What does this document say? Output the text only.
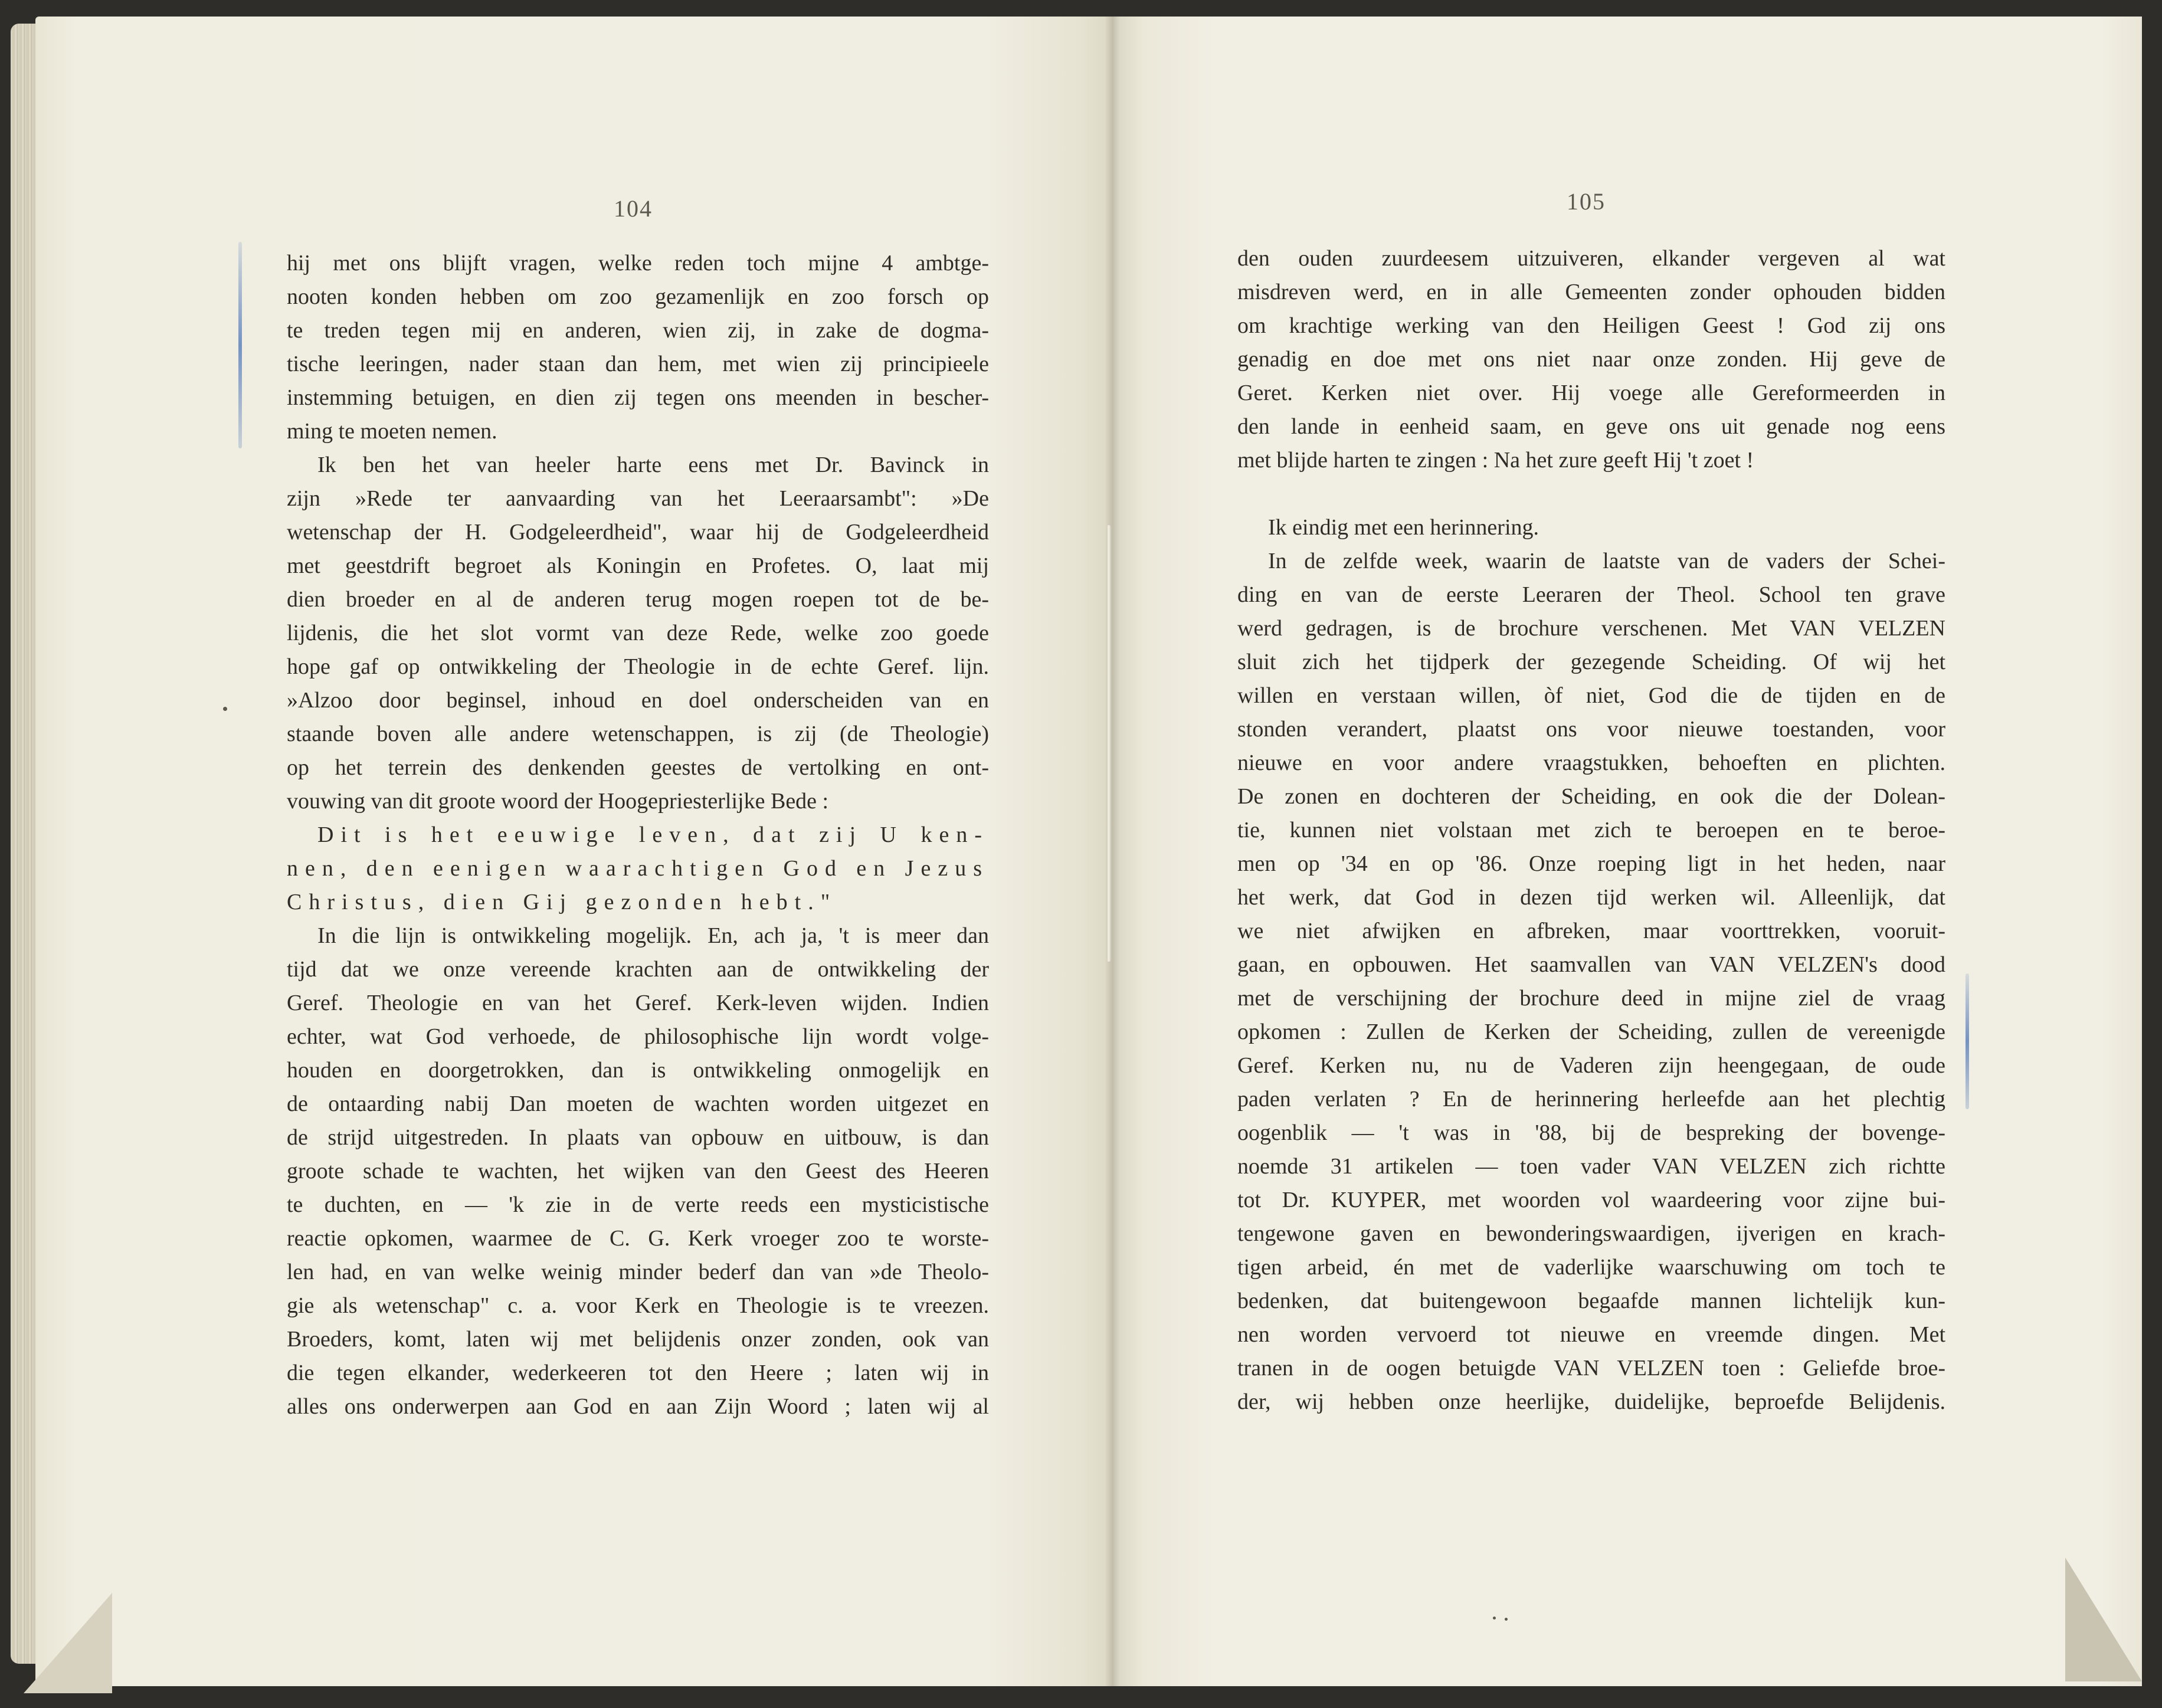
104	105
hij met ons blijft vragen, welke reden toch mijne 4 ambtge-
nooten konden hebben om zoo gezamenlijk en zoo forsch op
te treden tegen mij en anderen, wien zij, in zake de dogma-
tische leeringen, nader staan dan hem, met wien zij principieele
instemming betuigen, en dien zij tegen ons meenden in bescher-
ming te moeten nemen.
Ik ben het van heeler harte eens met Dr. Bavinck in
zijn »Rede ter aanvaarding van het Leeraarsambt": »De
wetenschap der H. Godgeleerdheid", waar hij de Godgeleerdheid
met geestdrift begroet als Koningin en Profetes. O, laat mij
dien broeder en al de anderen terug mogen roepen tot de be-
lijdenis, die het slot vormt van deze Rede, welke zoo goede
hope gaf op ontwikkeling der Theologie in de echte Geref. lijn.
»Alzoo door beginsel, inhoud en doel onderscheiden van en
staande boven alle andere wetenschappen, is zij (de Theologie)
op het terrein des denkenden geestes de vertolking en ont-
vouwing van dit groote woord der Hoogepriesterlijke Bede :
Dit is het eeuwige leven, dat zij U ken-
nen, den eenigen waarachtigen God en Jezus
Christus, dien Gij gezonden hebt."
In die lijn is ontwikkeling mogelijk. En, ach ja, 't is meer dan
tijd dat we onze vereende krachten aan de ontwikkeling der
Geref. Theologie en van het Geref. Kerk-leven wijden. Indien
echter, wat God verhoede, de philosophische lijn wordt volge-
houden en doorgetrokken, dan is ontwikkeling onmogelijk en
de ontaarding nabij Dan moeten de wachten worden uitgezet en
de strijd uitgestreden. In plaats van opbouw en uitbouw, is dan
groote schade te wachten, het wijken van den Geest des Heeren
te duchten, en — 'k zie in de verte reeds een mysticistische
reactie opkomen, waarmee de C. G. Kerk vroeger zoo te worste-
len had, en van welke weinig minder bederf dan van »de Theolo-
gie als wetenschap" c. a. voor Kerk en Theologie is te vreezen.
Broeders, komt, laten wij met belijdenis onzer zonden, ook van
die tegen elkander, wederkeeren tot den Heere ; laten wij in
alles ons onderwerpen aan God en aan Zijn Woord ; laten wij al
den ouden zuurdeesem uitzuiveren, elkander vergeven al wat
misdreven werd, en in alle Gemeenten zonder ophouden bidden
om krachtige werking van den Heiligen Geest ! God zij ons
genadig en doe met ons niet naar onze zonden. Hij geve de
Geret. Kerken niet over. Hij voege alle Gereformeerden in
den lande in eenheid saam, en geve ons uit genade nog eens
met blijde harten te zingen : Na het zure geeft Hij 't zoet !
Ik eindig met een herinnering.
In de zelfde week, waarin de laatste van de vaders der Schei-
ding en van de eerste Leeraren der Theol. School ten grave
werd gedragen, is de brochure verschenen. Met VAN VELZEN
sluit zich het tijdperk der gezegende Scheiding. Of wij het
willen en verstaan willen, òf niet, God die de tijden en de
stonden verandert, plaatst ons voor nieuwe toestanden, voor
nieuwe en voor andere vraagstukken, behoeften en plichten.
De zonen en dochteren der Scheiding, en ook die der Dolean-
tie, kunnen niet volstaan met zich te beroepen en te beroe-
men op '34 en op '86. Onze roeping ligt in het heden, naar
het werk, dat God in dezen tijd werken wil. Alleenlijk, dat
we niet afwijken en afbreken, maar voorttrekken, vooruit-
gaan, en opbouwen. Het saamvallen van VAN VELZEN's dood
met de verschijning der brochure deed in mijne ziel de vraag
opkomen : Zullen de Kerken der Scheiding, zullen de vereenigde
Geref. Kerken nu, nu de Vaderen zijn heengegaan, de oude
paden verlaten ? En de herinnering herleefde aan het plechtig
oogenblik — 't was in '88, bij de bespreking der bovenge-
noemde 31 artikelen — toen vader VAN VELZEN zich richtte
tot Dr. KUYPER, met woorden vol waardeering voor zijne bui-
tengewone gaven en bewonderingswaardigen, ijverigen en krach-
tigen arbeid, én met de vaderlijke waarschuwing om toch te
bedenken, dat buitengewoon begaafde mannen lichtelijk kun-
nen worden vervoerd tot nieuwe en vreemde dingen. Met
tranen in de oogen betuigde VAN VELZEN toen : Geliefde broe-
der, wij hebben onze heerlijke, duidelijke, beproefde Belijdenis.
